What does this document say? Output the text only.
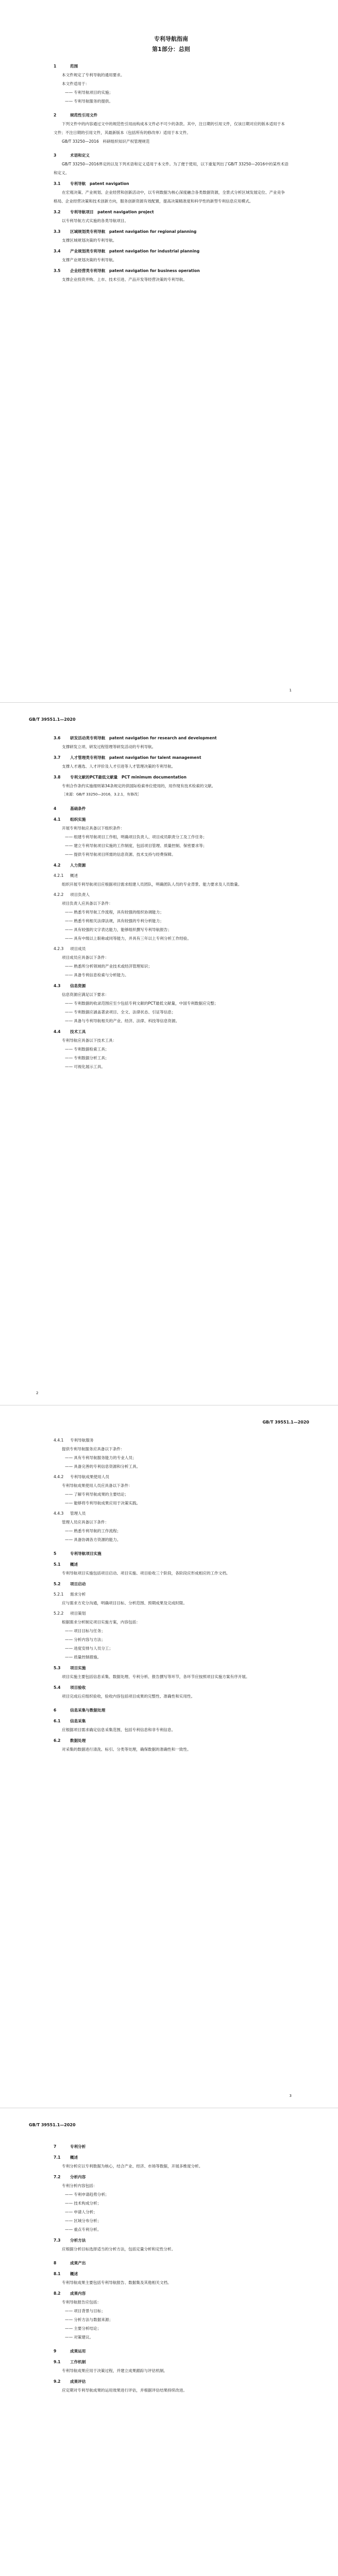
1
专利导航指南
第1部分：总则
1	范围
本文件规定了专利导航的通用要求。
本文件适用于：
—— 专利导航项目的实施；
—— 专利导航服务的提供。
2	规范性引用文件
下列文件中的内容通过文中的规范性引用而构成本文件必不可少的条款。其中，注日期的引用文件，仅该日期对应的版本适用于本文件；不注日期的引用文件，其最新版本（包括所有的修改单）适用于本文件。
GB/T 33250—2016　科研组织知识产权管理规范
3	术语和定义
GB/T 33250—2016界定的以及下列术语和定义适用于本文件。为了便于使用，以下重复列出了GB/T 33250—2016中的某些术语和定义。
3.1 专利导航　patent navigation
在宏观决策、产业规划、企业经营和创新活动中，以专利数据为核心深度融合各类数据资源，全景式分析区域发展定位、产业竞争格局、企业经营决策和技术创新方向，服务创新资源有效配置，提高决策精准度和科学性的新型专利信息应用模式。
3.2 专利导航项目　patent navigation project
以专利导航方式实施的各类导航项目。
3.3 区域规划类专利导航　patent navigation for regional planning
支撑区域规划决策的专利导航。
3.4 产业规划类专利导航　patent navigation for industrial planning
支撑产业规划决策的专利导航。
3.5 企业经营类专利导航　patent navigation for business operation
支撑企业投资并购、上市、技术引进、产品开发等经营决策的专利导航。
GB/T 39551.1—2020
2
3.6 研发活动类专利导航　patent navigation for research and development
支撑研发立项、研发过程管理等研发活动的专利导航。
3.7 人才管理类专利导航　patent navigation for talent management
支撑人才遴选、人才评价及人才引进等人才管理决策的专利导航。
3.8 专利文献的PCT最低文献量　PCT minimum documentation
专利合作条约实施细则第34条规定的供国际检索单位使用的，用作现有技术检索的文献。
［来源：GB/T 33250—2016，3.2.1，有修改］
4	基础条件
4.1 组织实施
开展专利导航应具备以下组织条件：
—— 组建专利导航项目工作组，明确项目负责人、项目成员职责分工及工作任务；
—— 建立专利导航项目实施的工作制度，包括项目管理、质量控制、保密要求等；
—— 提供专利导航项目所需的信息资源、技术支持与经费保障。
4.2 人力资源
4.2.1 概述
组织开展专利导航项目应根据项目需求组建人员团队，明确团队人员的专业背景、能力要求及人员数量。
4.2.2 项目负责人
项目负责人应具备以下条件：
—— 熟悉专利导航工作流程，具有较强的组织协调能力；
—— 熟悉专利相关法律法规，具有较强的专利分析能力；
—— 具有较强的文字表达能力，能够组织撰写专利导航报告；
—— 具有中级以上职称或同等能力，并具有三年以上专利分析工作经验。
4.2.3 项目成员
项目成员应具备以下条件：
—— 熟悉所分析领域的产业技术或经济管理知识；
—— 具备专利信息检索与分析能力。
4.3 信息资源
信息资源应满足以下要求：
—— 专利数据的收录范围应至少包括专利文献的PCT最低文献量，中国专利数据应完整；
—— 专利数据应涵盖著录项目、全文、法律状态、引证等信息；
—— 具备与专利导航相关的产业、经济、法律、科技等信息资源。
4.4 技术工具
专利导航应具备以下技术工具：
—— 专利数据检索工具；
—— 专利数据分析工具；
—— 可视化展示工具。
GB/T 39551.1—2020
3
4.4.1 专利导航服务
提供专利导航服务应具备以下条件：
—— 具有专利导航服务能力的专业人员；
—— 具备完善的专利信息资源和分析工具。
4.4.2 专利导航成果使用人员
专利导航成果使用人员应具备以下条件：
—— 了解专利导航成果的主要结论；
—— 能够将专利导航成果应用于决策实践。
4.4.3 管理人员
管理人员应具备以下条件：
—— 熟悉专利导航的工作流程；
—— 具备协调各方资源的能力。
5	专利导航项目实施
5.1 概述
专利导航项目实施包括项目启动、项目实施、项目验收三个阶段，各阶段应形成相应的工作文档。
5.2 项目启动
5.2.1 需求分析
应与需求方充分沟通，明确项目目标、分析范围、预期成果及完成时限。
5.2.2 项目策划
根据需求分析制定项目实施方案，内容包括：
—— 项目目标与任务；
—— 分析内容与方法；
—— 进度安排与人员分工；
—— 质量控制措施。
5.3 项目实施
项目实施主要包括信息采集、数据处理、专利分析、报告撰写等环节，各环节应按照项目实施方案有序开展。
5.4 项目验收
项目完成后应组织验收，验收内容包括项目成果的完整性、准确性和实用性。
6	信息采集与数据处理
6.1 信息采集
应根据项目需求确定信息采集范围，包括专利信息和非专利信息。
6.2 数据处理
对采集的数据进行清洗、标引、分类等处理，确保数据的准确性和一致性。
GB/T 39551.1—2020
7	专利分析
7.1 概述
专利分析应以专利数据为核心，结合产业、经济、市场等数据，开展多维度分析。
7.2 分析内容
专利分析内容包括：
—— 专利申请趋势分析；
—— 技术构成分析；
—— 申请人分析；
—— 区域分布分析；
—— 重点专利分析。
7.3 分析方法
应根据分析目标选择适当的分析方法，包括定量分析和定性分析。
8	成果产出
8.1 概述
专利导航成果主要包括专利导航报告、数据集及其他相关文档。
8.2 成果内容
专利导航报告应包括：
—— 项目背景与目标；
—— 分析方法与数据来源；
—— 主要分析结论；
—— 对策建议。
9	成果运用
9.1 工作机制
专利导航成果应用于决策过程，并建立成果跟踪与评估机制。
9.2 成果评估
应定期对专利导航成果的运用效果进行评估，并根据评估结果持续改进。
